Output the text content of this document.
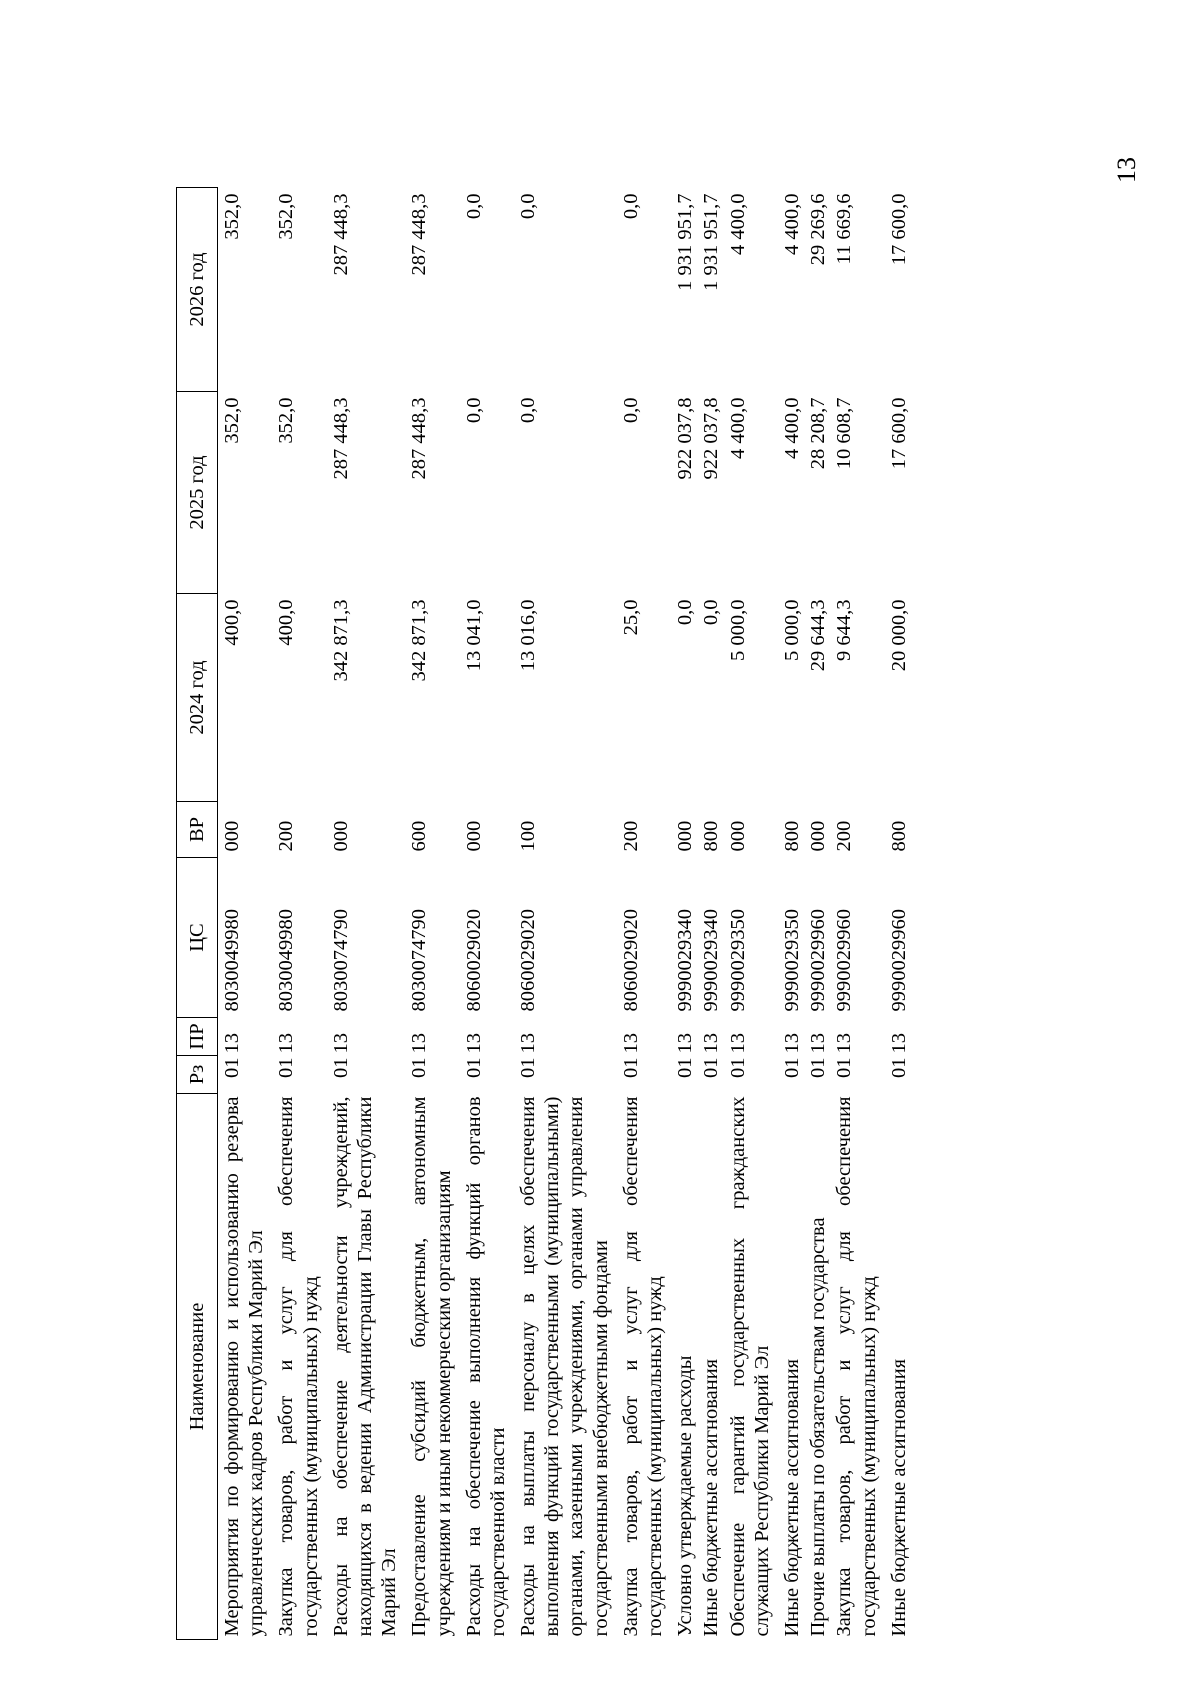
13
Наименование	Рз	ПР	ЦС	ВР	2024 год	2025 год	2026 год
Мероприятия по формированию и использованию резерва управленческих кадров Республики Марий Эл	01	13	8030049980	000	400,0	352,0	352,0
Закупка товаров, работ и услуг для обеспечения государственных (муниципальных) нужд	01	13	8030049980	200	400,0	352,0	352,0
Расходы на обеспечение деятельности учреждений, находящихся в ведении Администрации Главы Республики Марий Эл	01	13	8030074790	000	342 871,3	287 448,3	287 448,3
Предоставление субсидий бюджетным, автономным учреждениям и иным некоммерческим организациям	01	13	8030074790	600	342 871,3	287 448,3	287 448,3
Расходы на обеспечение выполнения функций органов государственной власти	01	13	8060029020	000	13 041,0	0,0	0,0
Расходы на выплаты персоналу в целях обеспечения выполнения функций государственными (муниципальными) органами, казенными учреждениями, органами управления государственными внебюджетными фондами	01	13	8060029020	100	13 016,0	0,0	0,0
Закупка товаров, работ и услуг для обеспечения государственных (муниципальных) нужд	01	13	8060029020	200	25,0	0,0	0,0
Условно утверждаемые расходы	01	13	9990029340	000	0,0	922 037,8	1 931 951,7
Иные бюджетные ассигнования	01	13	9990029340	800	0,0	922 037,8	1 931 951,7
Обеспечение гарантий государственных гражданских служащих Республики Марий Эл	01	13	9990029350	000	5 000,0	4 400,0	4 400,0
Иные бюджетные ассигнования	01	13	9990029350	800	5 000,0	4 400,0	4 400,0
Прочие выплаты по обязательствам государства	01	13	9990029960	000	29 644,3	28 208,7	29 269,6
Закупка товаров, работ и услуг для обеспечения государственных (муниципальных) нужд	01	13	9990029960	200	9 644,3	10 608,7	11 669,6
Иные бюджетные ассигнования	01	13	9990029960	800	20 000,0	17 600,0	17 600,0
